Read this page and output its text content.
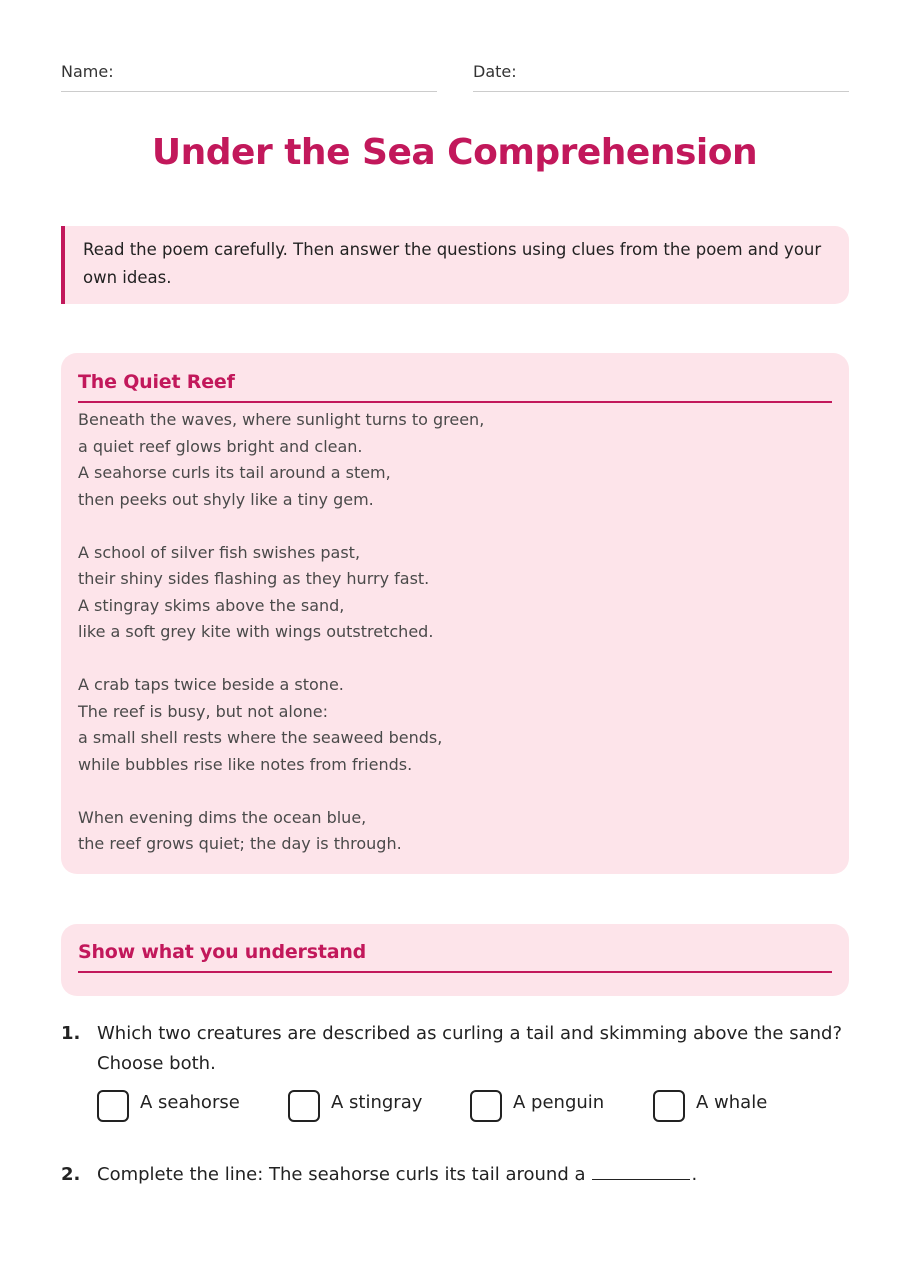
Name:	Date:
Under the Sea Comprehension
Read the poem carefully. Then answer the questions using clues from the poem and your own ideas.
The Quiet Reef
Beneath the waves, where sunlight turns to green,
a quiet reef glows bright and clean.
A seahorse curls its tail around a stem,
then peeks out shyly like a tiny gem.
A school of silver fish swishes past,
their shiny sides flashing as they hurry fast.
A stingray skims above the sand,
like a soft grey kite with wings outstretched.
A crab taps twice beside a stone.
The reef is busy, but not alone:
a small shell rests where the seaweed bends,
while bubbles rise like notes from friends.
When evening dims the ocean blue,
the reef grows quiet; the day is through.
Show what you understand
1. Which two creatures are described as curling a tail and skimming above the sand? Choose both.
A seahorse	A stingray	A penguin	A whale
2. Complete the line: The seahorse curls its tail around a	.
